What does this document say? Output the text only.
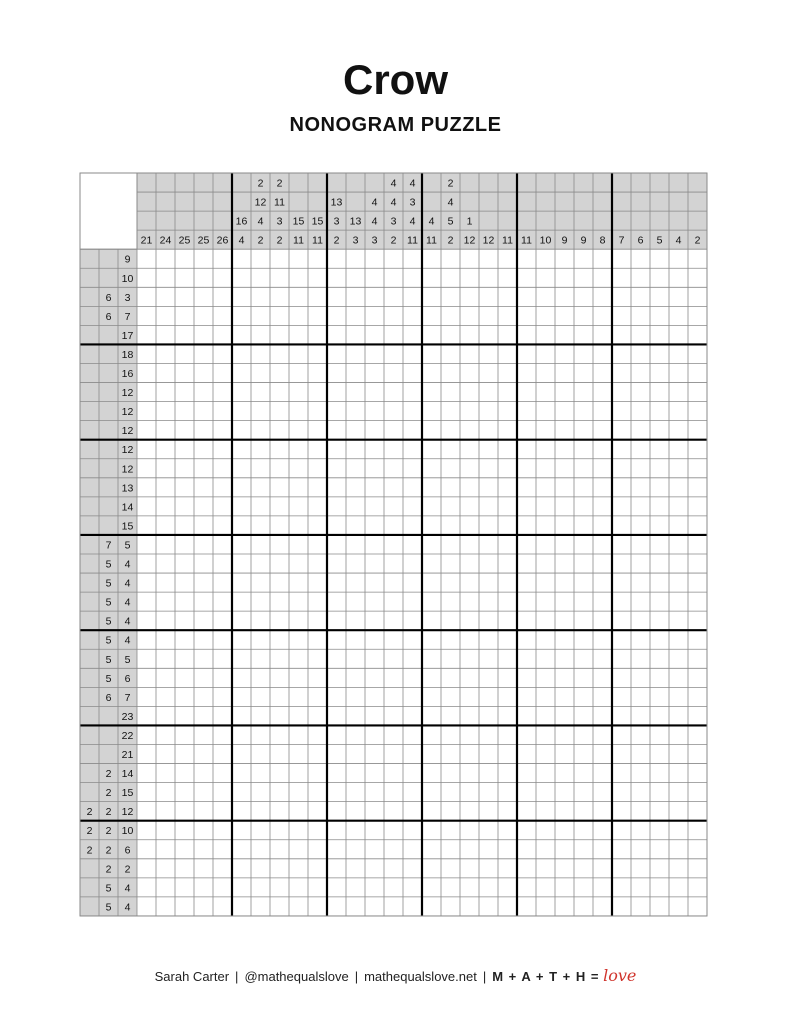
Crow
NONOGRAM PUZZLE
21 24 25 25 26
16
4
2
12
4
2
2
11
3
2
15
11
15
11
13
3
2
13
3
4
4
3
4
4
3
2
4
3
4
11
4
11
2
4
5
2
1
12 12 11 11 10 9 9 8 7 6 5 4 2
9
10
6 3
6 7
17
18
16
12
12
12
12
12
13
14
15
7 5
5 4
5 4
5 4
5 4
5 4
5 5
5 6
6 7
23
22
21
2 14
2 15
2 2 12
2 2 10
2 2 6
2 2
5 4
5 4
Sarah Carter | @mathequalslove | mathequalslove.net | M + A + T + H = love
